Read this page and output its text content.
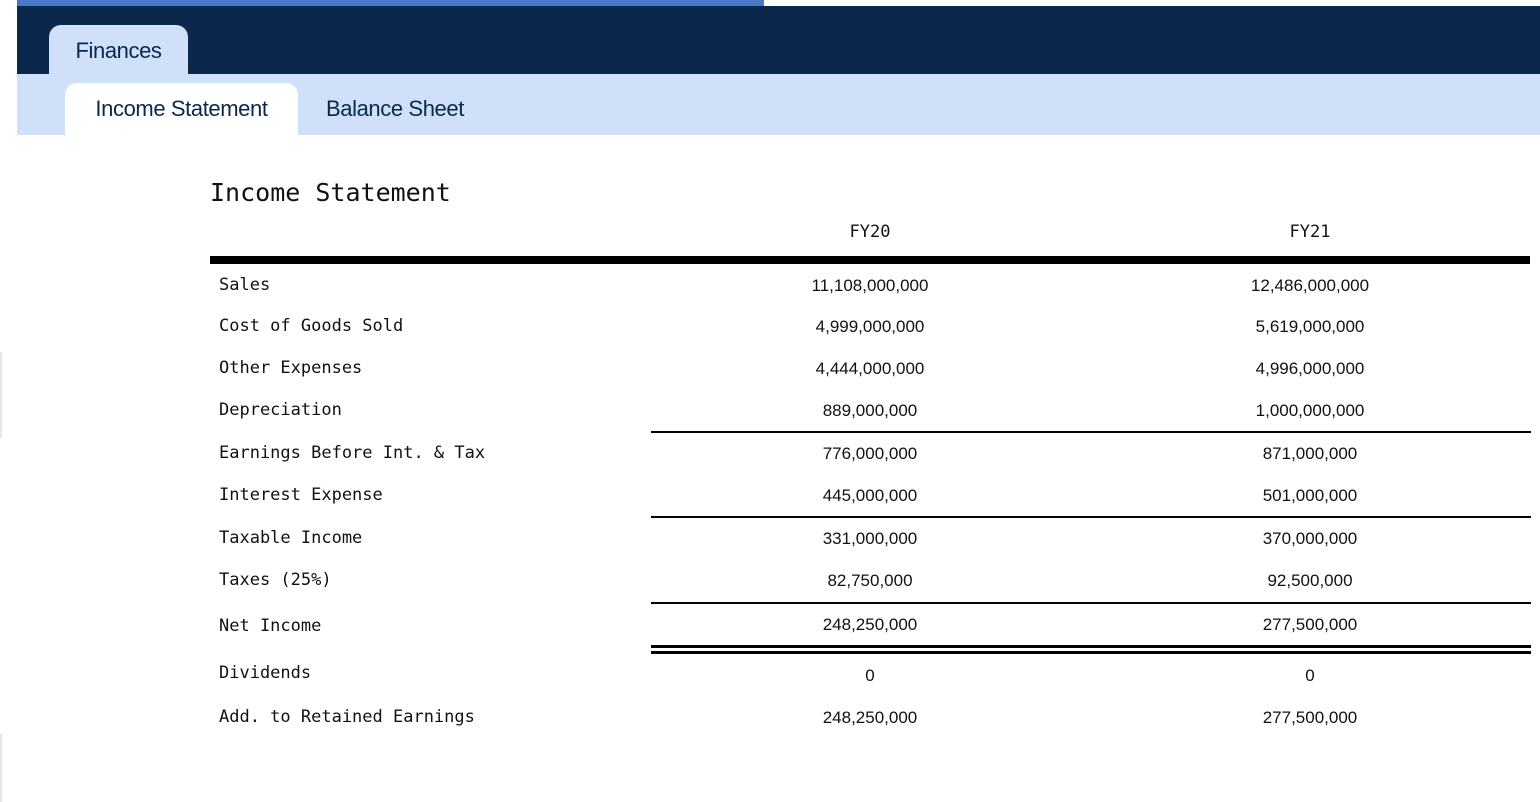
Finances
Income Statement	Balance Sheet
Income Statement
FY20	FY21
Sales
Cost of Goods Sold
Other Expenses
Depreciation
Earnings Before Int. & Tax
Interest Expense
Taxable Income
Taxes (25%)
Net Income
Dividends
Add. to Retained Earnings
11,108,000,000
4,999,000,000
4,444,000,000
889,000,000
776,000,000
445,000,000
331,000,000
82,750,000
248,250,000
0
248,250,000
12,486,000,000
5,619,000,000
4,996,000,000
1,000,000,000
871,000,000
501,000,000
370,000,000
92,500,000
277,500,000
0
277,500,000
